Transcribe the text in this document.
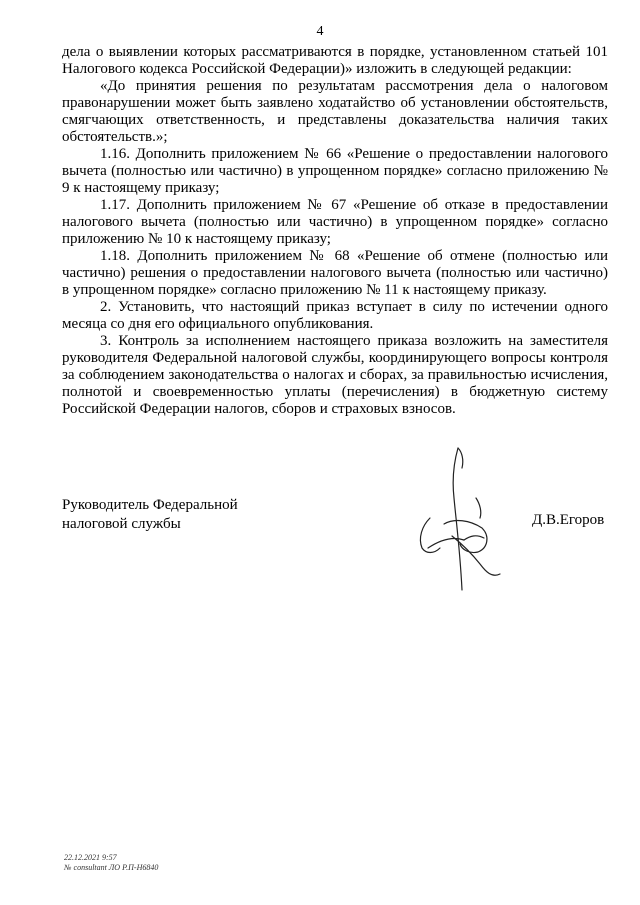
4

дела о выявлении которых рассматриваются в порядке, установленном статьей 101 Налогового кодекса Российской Федерации)» изложить в следующей редакции:

«До принятия решения по результатам рассмотрения дела о налоговом правонарушении может быть заявлено ходатайство об установлении обстоятельств, смягчающих ответственность, и представлены доказательства наличия таких обстоятельств.»;

1.16. Дополнить приложением № 66 «Решение о предоставлении налогового вычета (полностью или частично) в упрощенном порядке» согласно приложению № 9 к настоящему приказу;

1.17. Дополнить приложением № 67 «Решение об отказе в предоставлении налогового вычета (полностью или частично) в упрощенном порядке» согласно приложению № 10 к настоящему приказу;

1.18. Дополнить приложением № 68 «Решение об отмене (полностью или частично) решения о предоставлении налогового вычета (полностью или частично) в упрощенном порядке» согласно приложению № 11 к настоящему приказу.

2. Установить, что настоящий приказ вступает в силу по истечении одного месяца со дня его официального опубликования.

3. Контроль за исполнением настоящего приказа возложить на заместителя руководителя Федеральной налоговой службы, координирующего вопросы контроля за соблюдением законодательства о налогах и сборах, за правильностью исчисления, полнотой и своевременностью уплаты (перечисления) в бюджетную систему Российской Федерации налогов, сборов и страховых взносов.

Руководитель Федеральной
налоговой службы	Д.В.Егоров
22.12.2021 9:57
№ consultant ЛО Р.П-Н6840
